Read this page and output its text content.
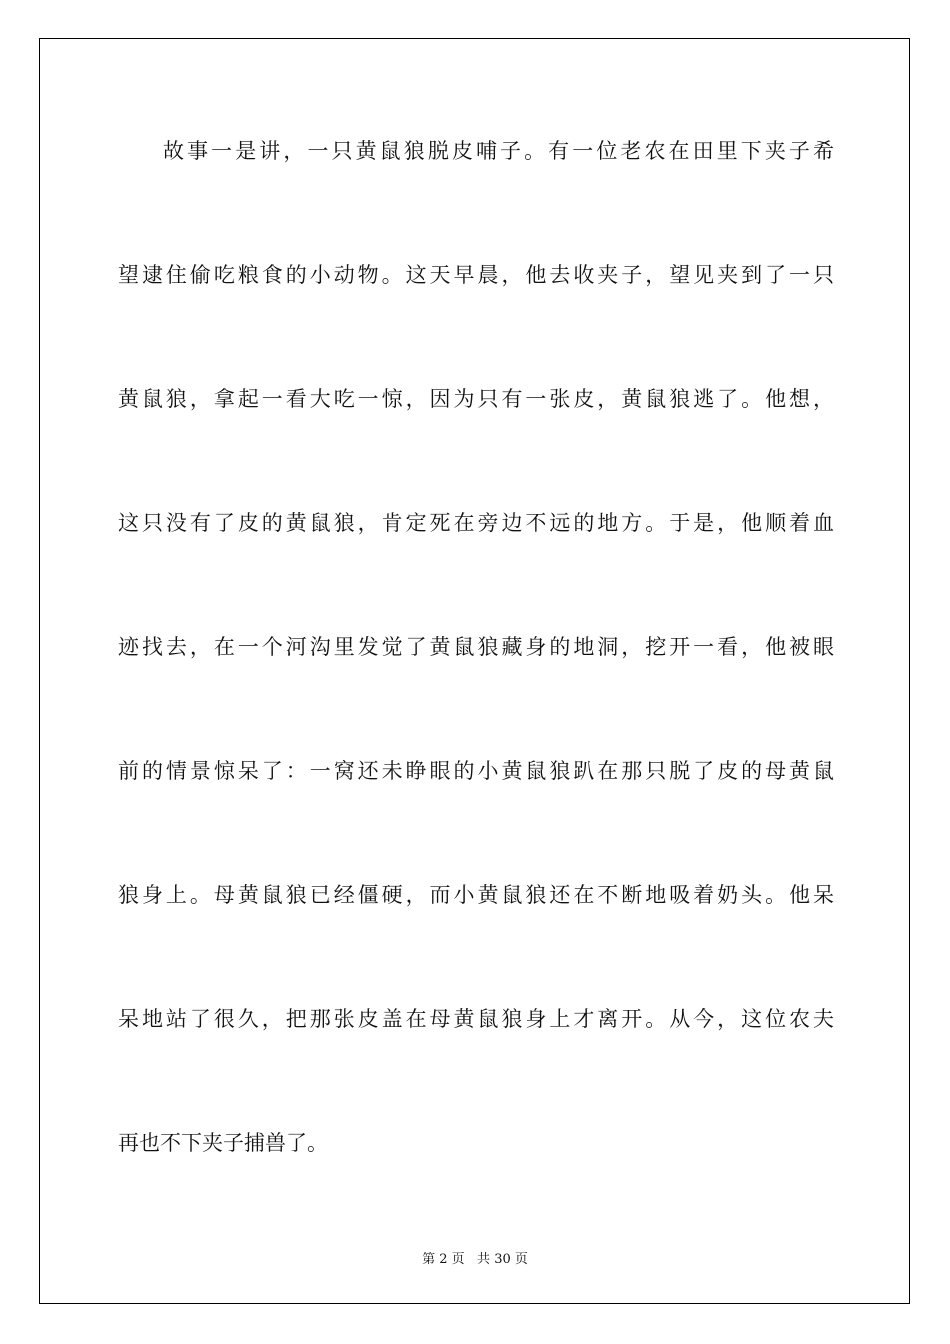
故事一是讲，一只黄鼠狼脱皮哺子。有一位老农在田里下夹子希

望逮住偷吃粮食的小动物。这天早晨，他去收夹子，望见夹到了一只

黄鼠狼，拿起一看大吃一惊，因为只有一张皮，黄鼠狼逃了。他想，

这只没有了皮的黄鼠狼，肯定死在旁边不远的地方。于是，他顺着血

迹找去，在一个河沟里发觉了黄鼠狼藏身的地洞，挖开一看，他被眼

前的情景惊呆了：一窝还未睁眼的小黄鼠狼趴在那只脱了皮的母黄鼠

狼身上。母黄鼠狼已经僵硬，而小黄鼠狼还在不断地吸着奶头。他呆

呆地站了很久，把那张皮盖在母黄鼠狼身上才离开。从今，这位农夫

再也不下夹子捕兽了。

第 2 页   共 30 页
